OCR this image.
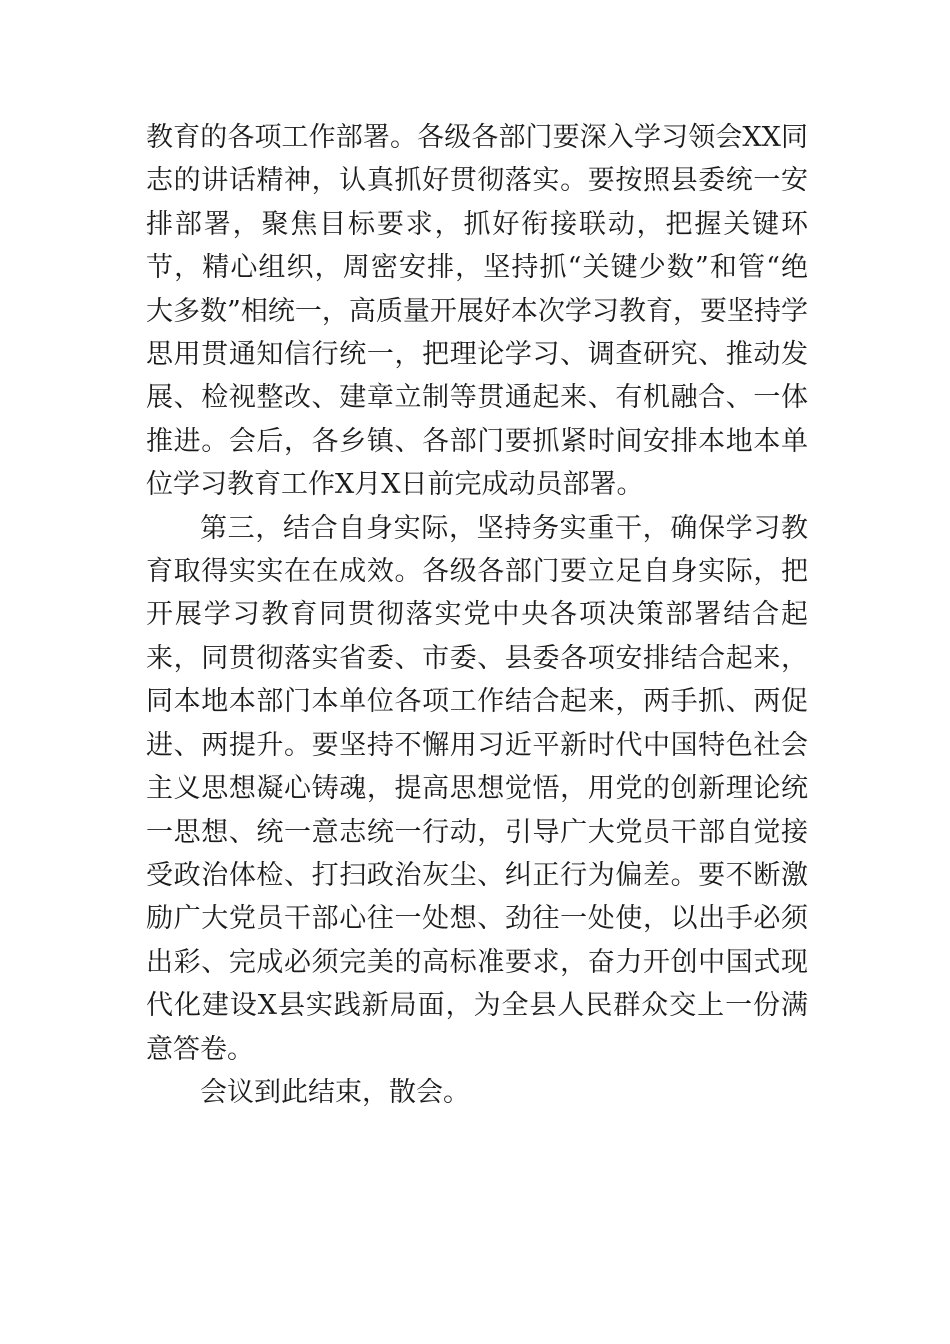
教育的各项工作部署。各级各部门要深入学习领会XX同志的讲话精神，认真抓好贯彻落实。要按照县委统一安排部署，聚焦目标要求，抓好衔接联动，把握关键环节，精心组织，周密安排，坚持抓“关键少数”和管“绝大多数”相统一，高质量开展好本次学习教育，要坚持学思用贯通知信行统一，把理论学习、调查研究、推动发展、检视整改、建章立制等贯通起来、有机融合、一体推进。会后，各乡镇、各部门要抓紧时间安排本地本单位学习教育工作X月X日前完成动员部署。

第三，结合自身实际，坚持务实重干，确保学习教育取得实实在在成效。各级各部门要立足自身实际，把开展学习教育同贯彻落实党中央各项决策部署结合起来，同贯彻落实省委、市委、县委各项安排结合起来，同本地本部门本单位各项工作结合起来，两手抓、两促进、两提升。要坚持不懈用习近平新时代中国特色社会主义思想凝心铸魂，提高思想觉悟，用党的创新理论统一思想、统一意志统一行动，引导广大党员干部自觉接受政治体检、打扫政治灰尘、纠正行为偏差。要不断激励广大党员干部心往一处想、劲往一处使，以出手必须出彩、完成必须完美的高标准要求，奋力开创中国式现代化建设X县实践新局面，为全县人民群众交上一份满意答卷。

会议到此结束，散会。
